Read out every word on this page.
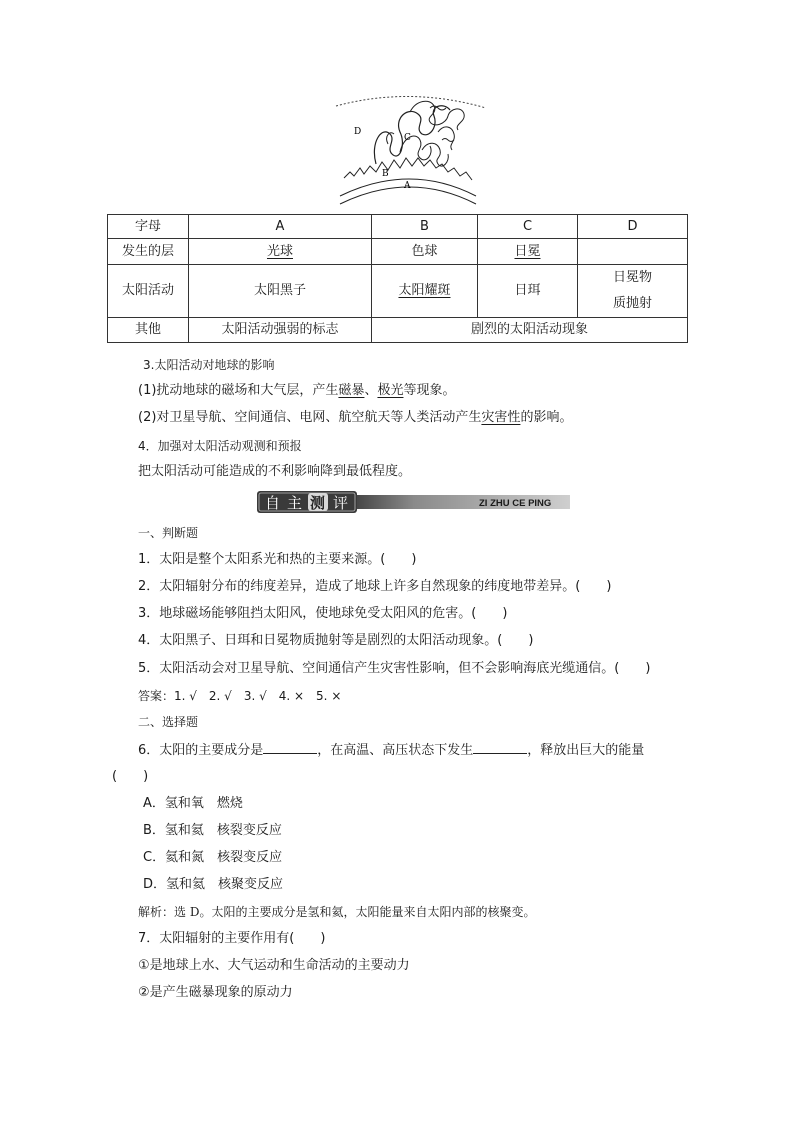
D
C
B
A
字母	A	B	C	D
发生的层	光球	色球	日冕	
太阳活动	太阳黑子	太阳耀斑	日珥	日冕物
质抛射
其他	太阳活动强弱的标志	剧烈的太阳活动现象		
3.太阳活动对地球的影响
(1)扰动地球的磁场和大气层，产生磁暴、极光等现象。
(2)对卫星导航、空间通信、电网、航空航天等人类活动产生灾害性的影响。
4．加强对太阳活动观测和预报
把太阳活动可能造成的不利影响降到最低程度。
自 主 测 评	ZI ZHU CE PING
一、判断题
1．太阳是整个太阳系光和热的主要来源。(　　)
2．太阳辐射分布的纬度差异，造成了地球上许多自然现象的纬度地带差异。(　　)
3．地球磁场能够阻挡太阳风，使地球免受太阳风的危害。(　　)
4．太阳黑子、日珥和日冕物质抛射等是剧烈的太阳活动现象。(　　)
5．太阳活动会对卫星导航、空间通信产生灾害性影响，但不会影响海底光缆通信。(　　)
答案：1. √　2. √　3. √　4. ×　5. ×
二、选择题
6．太阳的主要成分是	，在高温、高压状态下发生	，释放出巨大的能量
(　　)
A．氢和氧　燃烧
B．氢和氦　核裂变反应
C．氦和氮　核裂变反应
D．氢和氦　核聚变反应
解析：选 D。太阳的主要成分是氢和氦，太阳能量来自太阳内部的核聚变。
7．太阳辐射的主要作用有(　　)
①是地球上水、大气运动和生命活动的主要动力
②是产生磁暴现象的原动力
